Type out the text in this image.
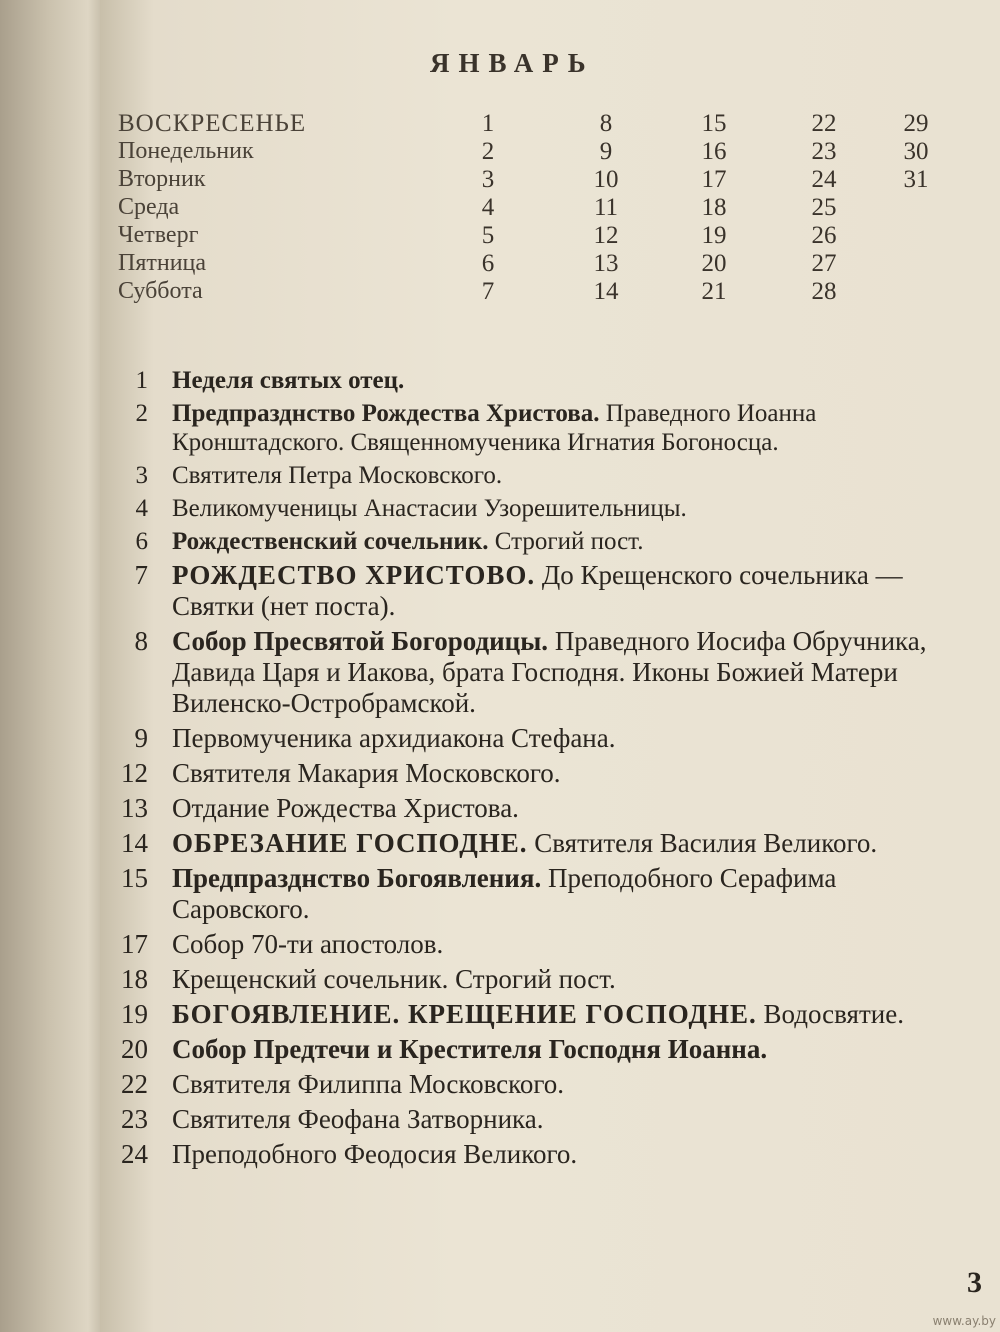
ЯНВАРЬ
ВОСКРЕСЕНЬЕ	1	8	15	22	29
Понедельник	2	9	16	23	30
Вторник	3	10	17	24	31
Среда	4	11	18	25
Четверг	5	12	19	26
Пятница	6	13	20	27
Суббота	7	14	21	28
1 Неделя святых отец.
2 Предпразднство Рождества Христова. Праведного Иоанна Кронштадского. Священномученика Игнатия Богоносца.
3 Святителя Петра Московского.
4 Великомученицы Анастасии Узорешительницы.
6 Рождественский сочельник. Строгий пост.
7 РОЖДЕСТВО ХРИСТОВО. До Крещенского сочельника — Святки (нет поста).
8 Собор Пресвятой Богородицы. Праведного Иосифа Обручника, Давида Царя и Иакова, брата Господня. Иконы Божией Матери Виленско-Остробрамской.
9 Первомученика архидиакона Стефана.
12 Святителя Макария Московского.
13 Отдание Рождества Христова.
14 ОБРЕЗАНИЕ ГОСПОДНЕ. Святителя Василия Великого.
15 Предпразднство Богоявления. Преподобного Серафима Саровского.
17 Собор 70-ти апостолов.
18 Крещенский сочельник. Строгий пост.
19 БОГОЯВЛЕНИЕ. КРЕЩЕНИЕ ГОСПОДНЕ. Водосвятие.
20 Собор Предтечи и Крестителя Господня Иоанна.
22 Святителя Филиппа Московского.
23 Святителя Феофана Затворника.
24 Преподобного Феодосия Великого.
3
www.ay.by
